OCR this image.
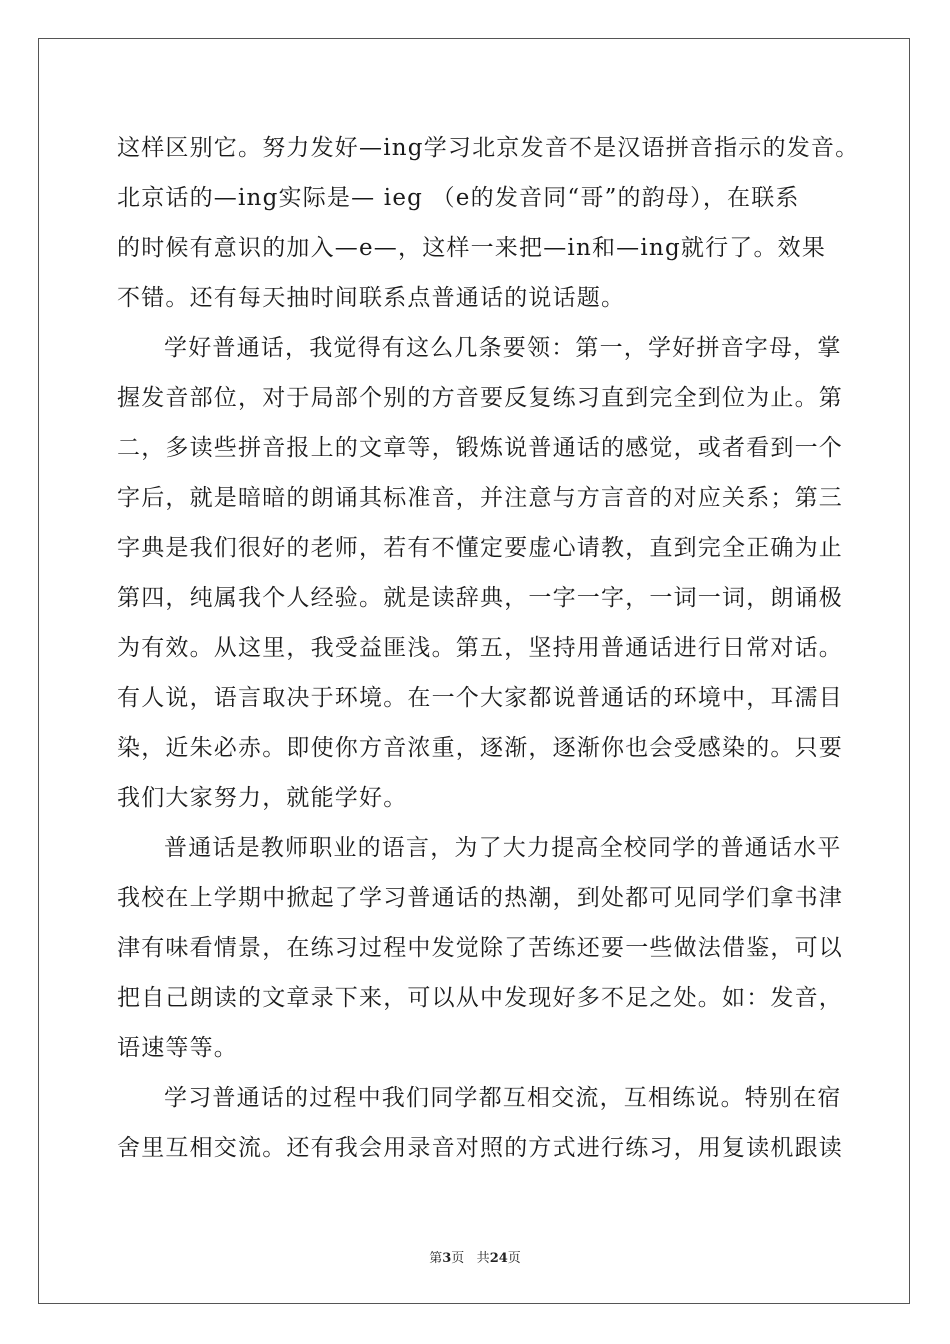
这样区别它。努力发好—ing学习北京发音不是汉语拼音指示的发音。
北京话的—ing实际是— ieg （e的发音同“哥”的韵母），在联系
的时候有意识的加入—e—，这样一来把—in和—ing就行了。效果
不错。还有每天抽时间联系点普通话的说话题。
学好普通话，我觉得有这么几条要领：第一，学好拼音字母，掌
握发音部位，对于局部个别的方音要反复练习直到完全到位为止。第
二，多读些拼音报上的文章等，锻炼说普通话的感觉，或者看到一个
字后，就是暗暗的朗诵其标准音，并注意与方言音的对应关系；第三
字典是我们很好的老师，若有不懂定要虚心请教，直到完全正确为止
第四，纯属我个人经验。就是读辞典，一字一字，一词一词，朗诵极
为有效。从这里，我受益匪浅。第五，坚持用普通话进行日常对话。
有人说，语言取决于环境。在一个大家都说普通话的环境中，耳濡目
染，近朱必赤。即使你方音浓重，逐渐，逐渐你也会受感染的。只要
我们大家努力，就能学好。
普通话是教师职业的语言，为了大力提高全校同学的普通话水平
我校在上学期中掀起了学习普通话的热潮，到处都可见同学们拿书津
津有味看情景，在练习过程中发觉除了苦练还要一些做法借鉴，可以
把自己朗读的文章录下来，可以从中发现好多不足之处。如：发音，
语速等等。
学习普通话的过程中我们同学都互相交流，互相练说。特别在宿
舍里互相交流。还有我会用录音对照的方式进行练习，用复读机跟读
第3页 共24页
